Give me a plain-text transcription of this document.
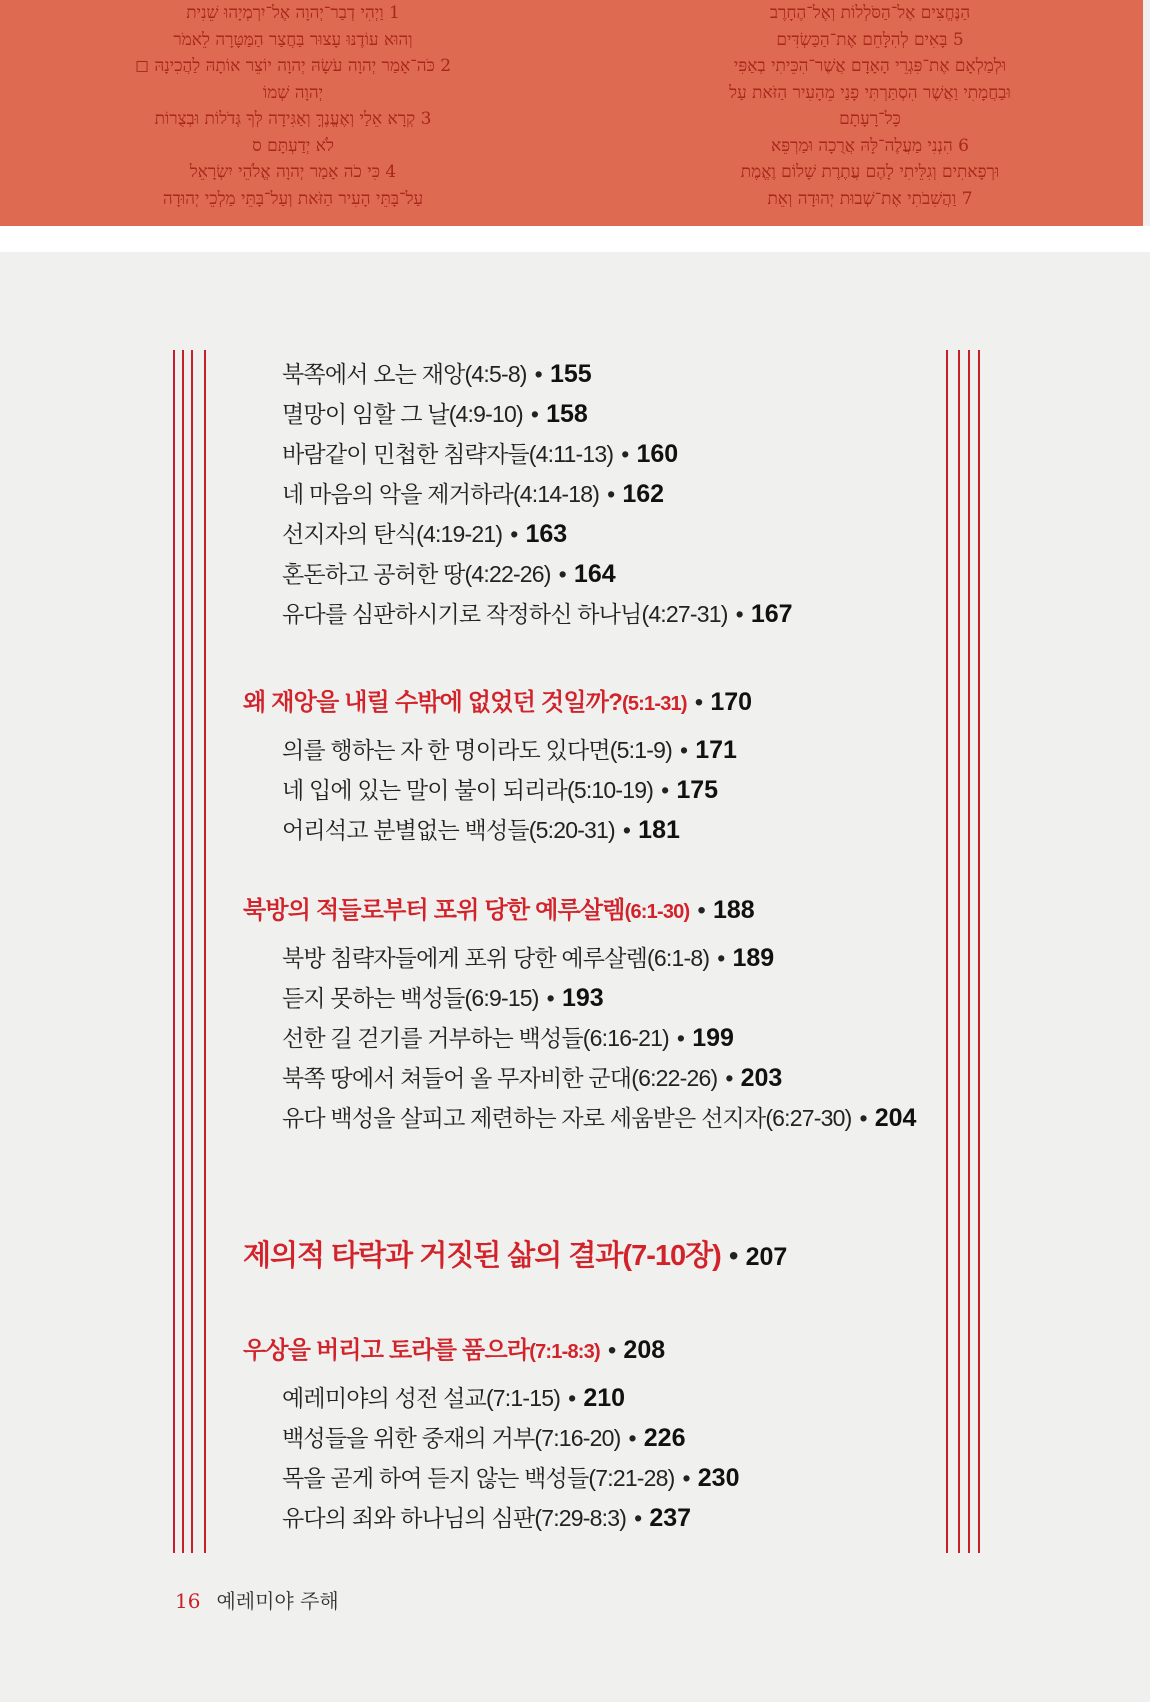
הַנֶּחֱצִים אֶל־הַסֹּלְלוֹת וְאֶל־הֶחָרֶב
5 בָּאִים לְהִלָּחֵם אֶת־הַכַּשְׂדִּים
וּלְמַלְאָם אֶת־פִּגְרֵי הָאָדָם אֲשֶׁר־הִכֵּיתִי בְאַפִּי
וּבַחֲמָתִי וַאֲשֶׁר הִסְתַּרְתִּי פָנַי מֵהָעִיר הַזֹּאת עַל
כָּל־רָעָתָם
6 הִנְנִי מַעֲלֶה־לָּהּ אֲרֻכָה וּמַרְפֵּא
וּרְפָאתִים וְגִלֵּיתִי לָהֶם עֲתֶרֶת שָׁלוֹם וֶאֱמֶת
7 וַהֲשִׁבֹתִי אֶת־שְׁבוּת יְהוּדָה וְאֵת
1 וַיְהִי דְבַר־יְהוָה אֶל־יִרְמְיָהוּ שֵׁנִית
וְהוּא עוֹדֶנּוּ עָצוּר בַּחֲצַר הַמַּטָּרָה לֵאמֹר
2 כֹּה־אָמַר יְהוָה עֹשָׂהּ יְהוָה יוֹצֵר אוֹתָהּ לַהֲכִינָהּ ◻
יְהוָה שְׁמוֹ
3 קְרָא אֵלַי וְאֶעֱנֶךָּ וְאַגִּידָה לְּךָ גְּדֹלוֹת וּבְצֻרוֹת
לֹא יְדַעְתָּם ס
4 כִּי כֹה אָמַר יְהוָה אֱלֹהֵי יִשְׂרָאֵל
עַל־בָּתֵּי הָעִיר הַזֹּאת וְעַל־בָּתֵּי מַלְכֵי יְהוּדָה
북쪽에서 오는 재앙(4:5-8) • 155
멸망이 임할 그 날(4:9-10) • 158
바람같이 민첩한 침략자들(4:11-13) • 160
네 마음의 악을 제거하라(4:14-18) • 162
선지자의 탄식(4:19-21) • 163
혼돈하고 공허한 땅(4:22-26) • 164
유다를 심판하시기로 작정하신 하나님(4:27-31) • 167
왜 재앙을 내릴 수밖에 없었던 것일까?(5:1-31) • 170
의를 행하는 자 한 명이라도 있다면(5:1-9) • 171
네 입에 있는 말이 불이 되리라(5:10-19) • 175
어리석고 분별없는 백성들(5:20-31) • 181
북방의 적들로부터 포위 당한 예루살렘(6:1-30) • 188
북방 침략자들에게 포위 당한 예루살렘(6:1-8) • 189
듣지 못하는 백성들(6:9-15) • 193
선한 길 걷기를 거부하는 백성들(6:16-21) • 199
북쪽 땅에서 쳐들어 올 무자비한 군대(6:22-26) • 203
유다 백성을 살피고 제련하는 자로 세움받은 선지자(6:27-30) • 204
제의적 타락과 거짓된 삶의 결과(7-10장) • 207
우상을 버리고 토라를 품으라(7:1-8:3) • 208
예레미야의 성전 설교(7:1-15) • 210
백성들을 위한 중재의 거부(7:16-20) • 226
목을 곧게 하여 듣지 않는 백성들(7:21-28) • 230
유다의 죄와 하나님의 심판(7:29-8:3) • 237
16 예레미야 주해
